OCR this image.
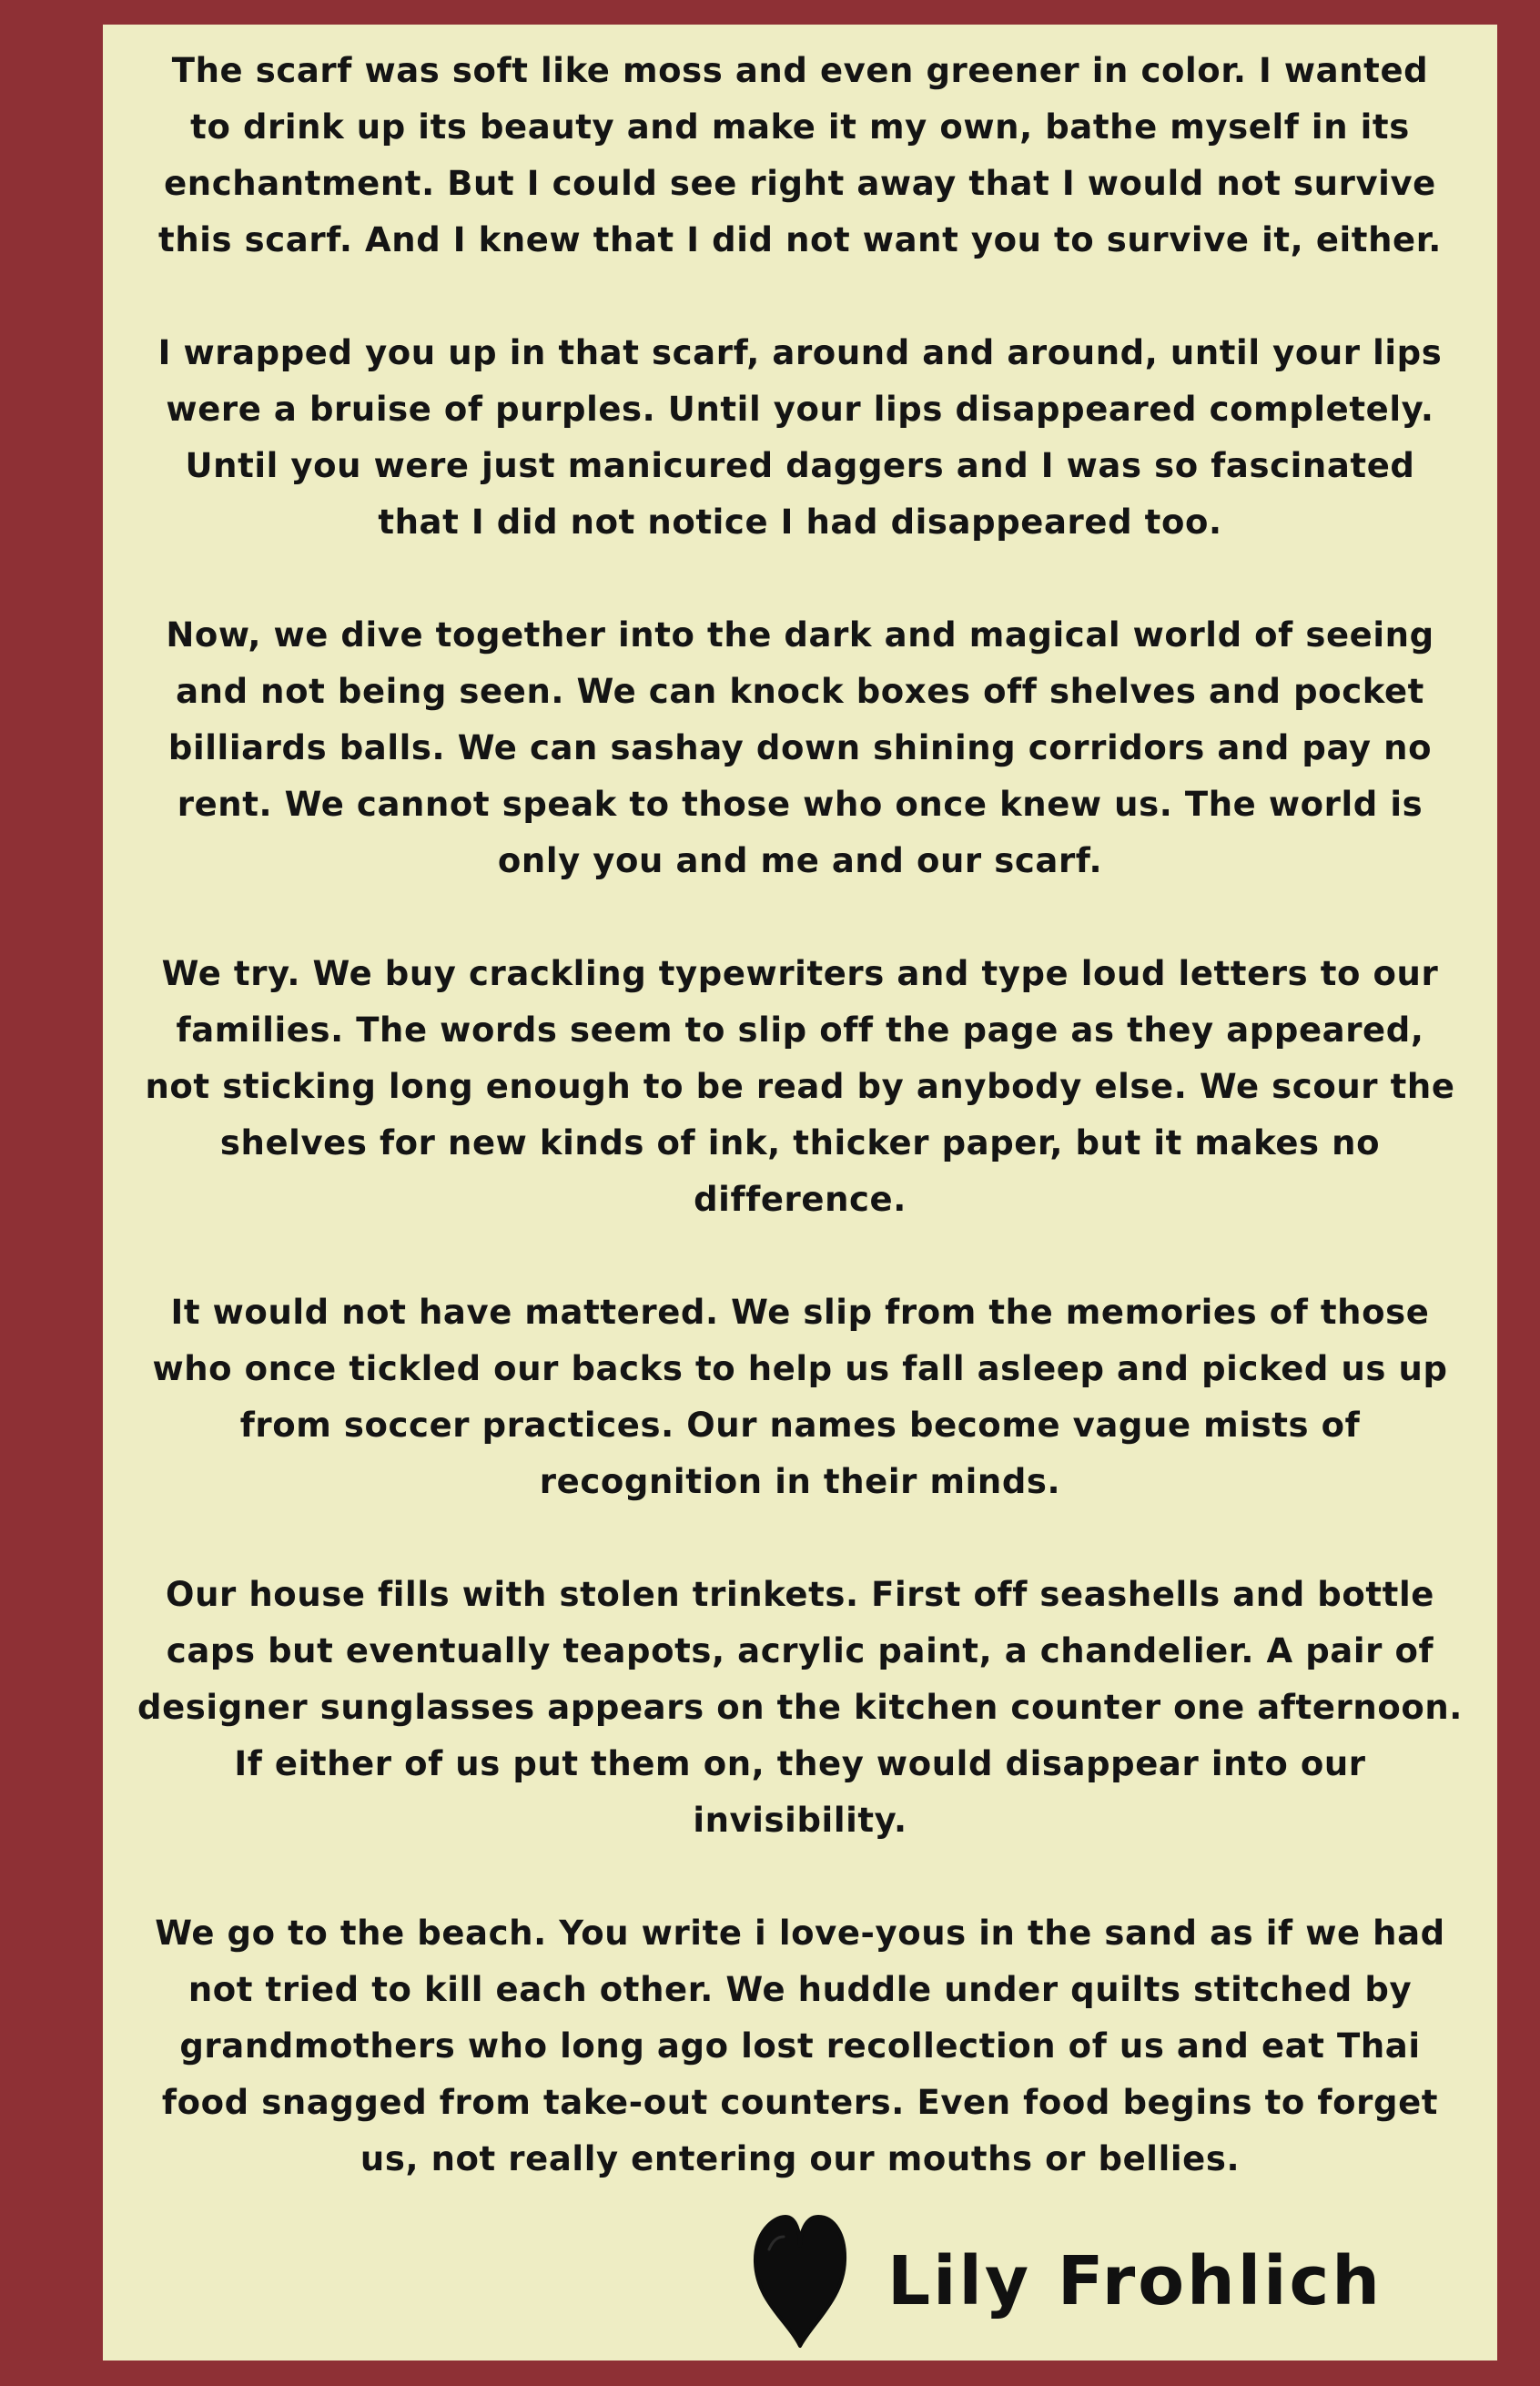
The scarf was soft like moss and even greener in color. I wanted
to drink up its beauty and make it my own, bathe myself in its
enchantment. But I could see right away that I would not survive
this scarf. And I knew that I did not want you to survive it, either.

I wrapped you up in that scarf, around and around, until your lips
were a bruise of purples. Until your lips disappeared completely.
Until you were just manicured daggers and I was so fascinated
that I did not notice I had disappeared too.

Now, we dive together into the dark and magical world of seeing
and not being seen. We can knock boxes off shelves and pocket
billiards balls. We can sashay down shining corridors and pay no
rent. We cannot speak to those who once knew us. The world is
only you and me and our scarf.

We try. We buy crackling typewriters and type loud letters to our
families. The words seem to slip off the page as they appeared,
not sticking long enough to be read by anybody else. We scour the
shelves for new kinds of ink, thicker paper, but it makes no
difference.

It would not have mattered. We slip from the memories of those
who once tickled our backs to help us fall asleep and picked us up
from soccer practices. Our names become vague mists of
recognition in their minds.

Our house fills with stolen trinkets. First off seashells and bottle
caps but eventually teapots, acrylic paint, a chandelier. A pair of
designer sunglasses appears on the kitchen counter one afternoon.
If either of us put them on, they would disappear into our
invisibility.

We go to the beach. You write i love-yous in the sand as if we had
not tried to kill each other. We huddle under quilts stitched by
grandmothers who long ago lost recollection of us and eat Thai
food snagged from take-out counters. Even food begins to forget
us, not really entering our mouths or bellies.

Lily Frohlich
